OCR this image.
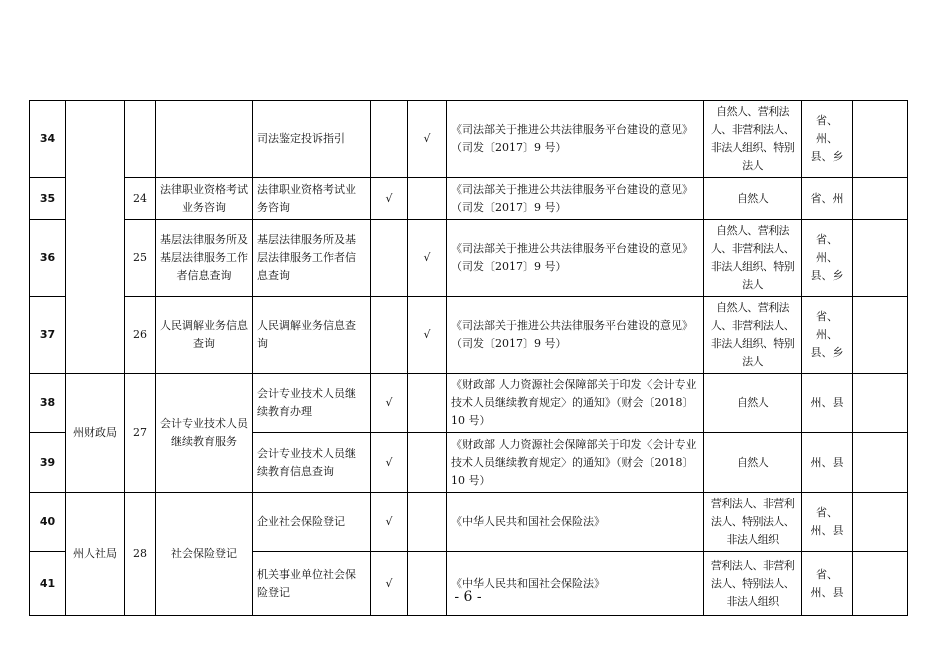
34				司法鉴定投诉指引		√	《司法部关于推进公共法律服务平台建设的意见》（司发〔2017〕9 号）	自然人、营利法人、非营利法人、非法人组织、特别法人	省、州、县、乡	
35		24	法律职业资格考试业务咨询	法律职业资格考试业务咨询	√		《司法部关于推进公共法律服务平台建设的意见》（司发〔2017〕9 号）	自然人	省、州	
36		25	基层法律服务所及基层法律服务工作者信息查询	基层法律服务所及基层法律服务工作者信息查询		√	《司法部关于推进公共法律服务平台建设的意见》（司发〔2017〕9 号）	自然人、营利法人、非营利法人、非法人组织、特别法人	省、州、县、乡	
37		26	人民调解业务信息查询	人民调解业务信息查询		√	《司法部关于推进公共法律服务平台建设的意见》（司发〔2017〕9 号）	自然人、营利法人、非营利法人、非法人组织、特别法人	省、州、县、乡	
38	州财政局	27	会计专业技术人员继续教育服务	会计专业技术人员继续教育办理	√		《财政部 人力资源社会保障部关于印发〈会计专业技术人员继续教育规定〉的通知》（财会〔2018〕10 号）	自然人	州、县	
39				会计专业技术人员继续教育信息查询	√		《财政部 人力资源社会保障部关于印发〈会计专业技术人员继续教育规定〉的通知》（财会〔2018〕10 号）	自然人	州、县	
40	州人社局	28	社会保险登记	企业社会保险登记	√		《中华人民共和国社会保险法》	营利法人、非营利法人、特别法人、非法人组织	省、州、县	
41				机关事业单位社会保险登记	√		《中华人民共和国社会保险法》	营利法人、非营利法人、特别法人、非法人组织	省、州、县	
- 6 -
